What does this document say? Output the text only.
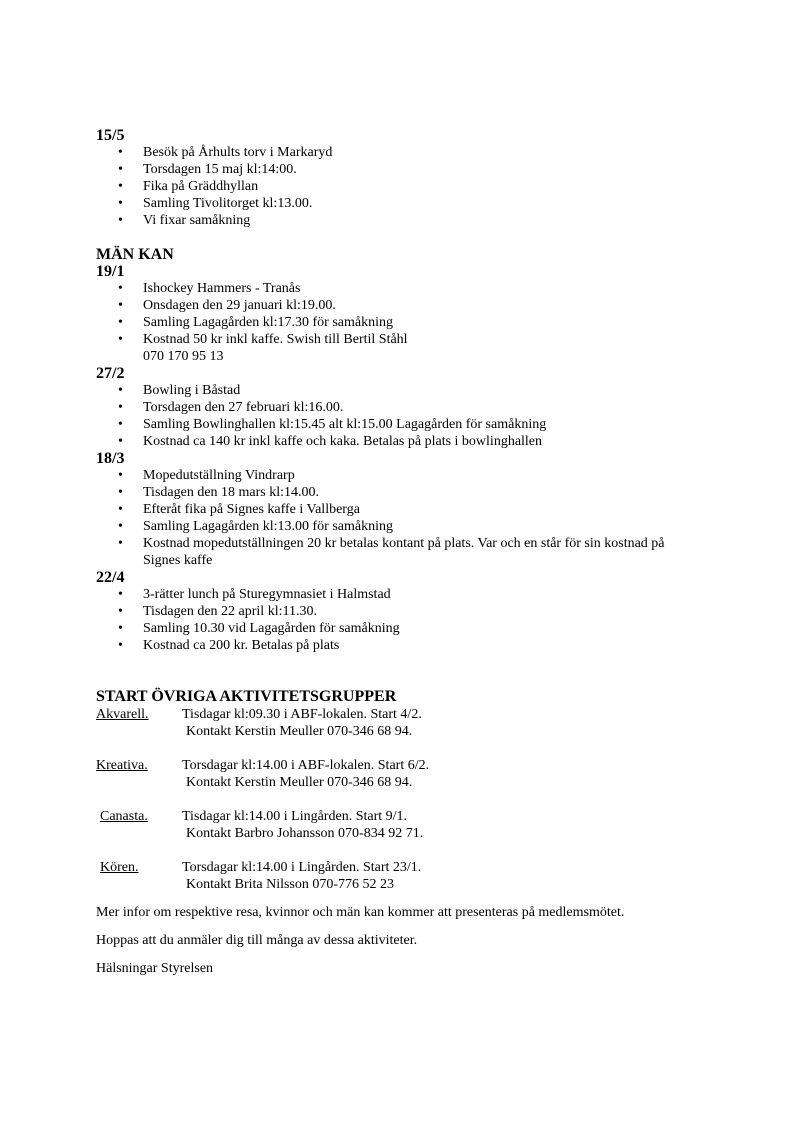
15/5
• Besök på Århults torv i Markaryd
• Torsdagen 15 maj kl:14:00.
• Fika på Gräddhyllan
• Samling Tivolitorget kl:13.00.
• Vi fixar samåkning
MÄN KAN
19/1
• Ishockey Hammers - Tranås
• Onsdagen den 29 januari kl:19.00.
• Samling Lagagården kl:17.30 för samåkning
• Kostnad 50 kr inkl kaffe. Swish till Bertil Ståhl
070 170 95 13
27/2
• Bowling i Båstad
• Torsdagen den 27 februari kl:16.00.
• Samling Bowlinghallen kl:15.45 alt kl:15.00 Lagagården för samåkning
• Kostnad ca 140 kr inkl kaffe och kaka. Betalas på plats i bowlinghallen
18/3
• Mopedutställning Vindrarp
• Tisdagen den 18 mars kl:14.00.
• Efteråt fika på Signes kaffe i Vallberga
• Samling Lagagården kl:13.00 för samåkning
• Kostnad mopedutställningen 20 kr betalas kontant på plats. Var och en står för sin kostnad på
Signes kaffe
22/4
• 3-rätter lunch på Sturegymnasiet i Halmstad
• Tisdagen den 22 april kl:11.30.
• Samling 10.30 vid Lagagården för samåkning
• Kostnad ca 200 kr. Betalas på plats
START ÖVRIGA AKTIVITETSGRUPPER
Akvarell. Tisdagar kl:09.30 i ABF-lokalen. Start 4/2.
Kontakt Kerstin Meuller 070-346 68 94.
Kreativa. Torsdagar kl:14.00 i ABF-lokalen. Start 6/2.
Kontakt Kerstin Meuller 070-346 68 94.
Canasta. Tisdagar kl:14.00 i Lingården. Start 9/1.
Kontakt Barbro Johansson 070-834 92 71.
Kören.	Torsdagar kl:14.00 i Lingården. Start 23/1.
Kontakt Brita Nilsson 070-776 52 23

Mer infor om respektive resa, kvinnor och män kan kommer att presenteras på medlemsmötet.

Hoppas att du anmäler dig till många av dessa aktiviteter.

Hälsningar Styrelsen
